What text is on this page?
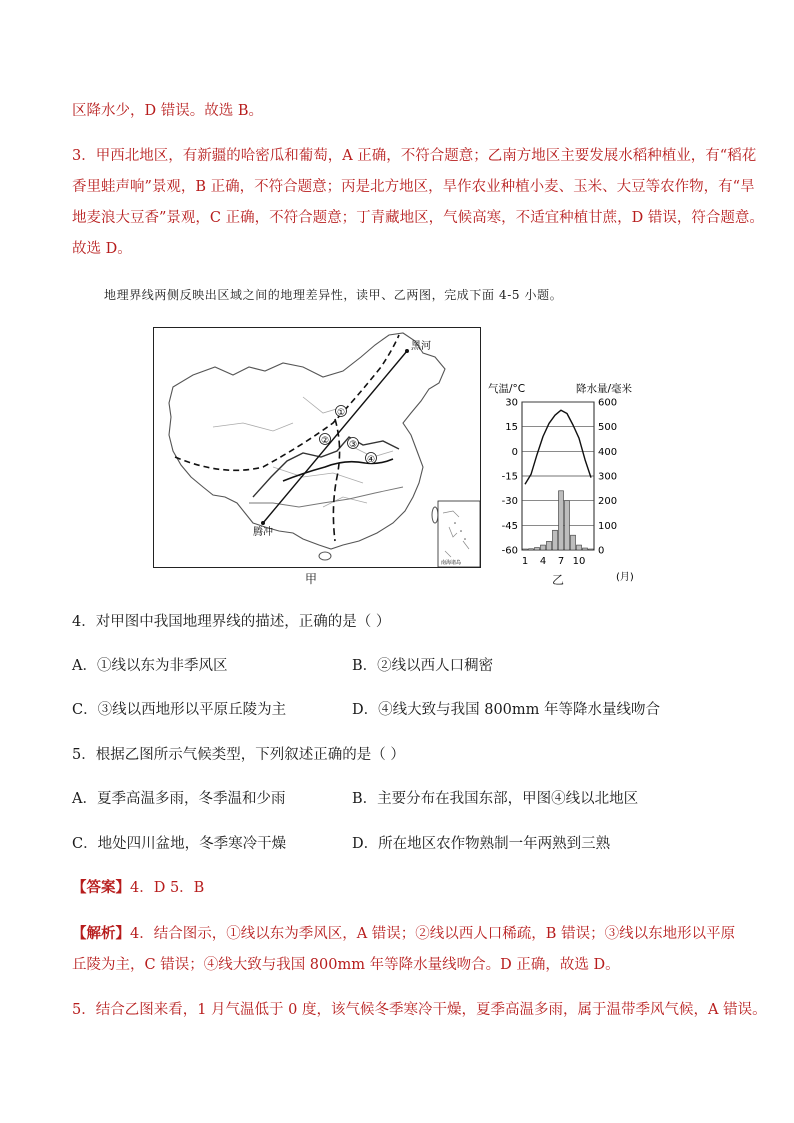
区降水少，D 错误。故选 B。
3．甲西北地区，有新疆的哈密瓜和葡萄，A 正确，不符合题意；乙南方地区主要发展水稻种植业，有“稻花
香里蛙声响”景观，B 正确，不符合题意；丙是北方地区，旱作农业种植小麦、玉米、大豆等农作物，有“旱
地麦浪大豆香”景观，C 正确，不符合题意；丁青藏地区，气候高寒，不适宜种植甘蔗，D 错误，符合题意。
故选 D。
地理界线两侧反映出区域之间的地理差异性，读甲、乙两图，完成下面 4-5 小题。
①
② ③
④
黑河
腾冲
南海诸岛
甲
气温/°C	降水量/毫米
30
15
0
-15
-30
-45
-60
600
500
400
300
200
100
0
1 4 7 10
(月)
乙
4．对甲图中我国地理界线的描述，正确的是（ ）
A．①线以东为非季风区	B．②线以西人口稠密
C．③线以西地形以平原丘陵为主	D．④线大致与我国 800mm 年等降水量线吻合
5．根据乙图所示气候类型，下列叙述正确的是（ ）
A．夏季高温多雨，冬季温和少雨	B．主要分布在我国东部，甲图④线以北地区
C．地处四川盆地，冬季寒冷干燥	D．所在地区农作物熟制一年两熟到三熟
【答案】4．D 5．B
【解析】4．结合图示，①线以东为季风区，A 错误；②线以西人口稀疏，B 错误；③线以东地形以平原
丘陵为主，C 错误；④线大致与我国 800mm 年等降水量线吻合。D 正确，故选 D。
5．结合乙图来看，1 月气温低于 0 度，该气候冬季寒冷干燥，夏季高温多雨，属于温带季风气候，A 错误。
